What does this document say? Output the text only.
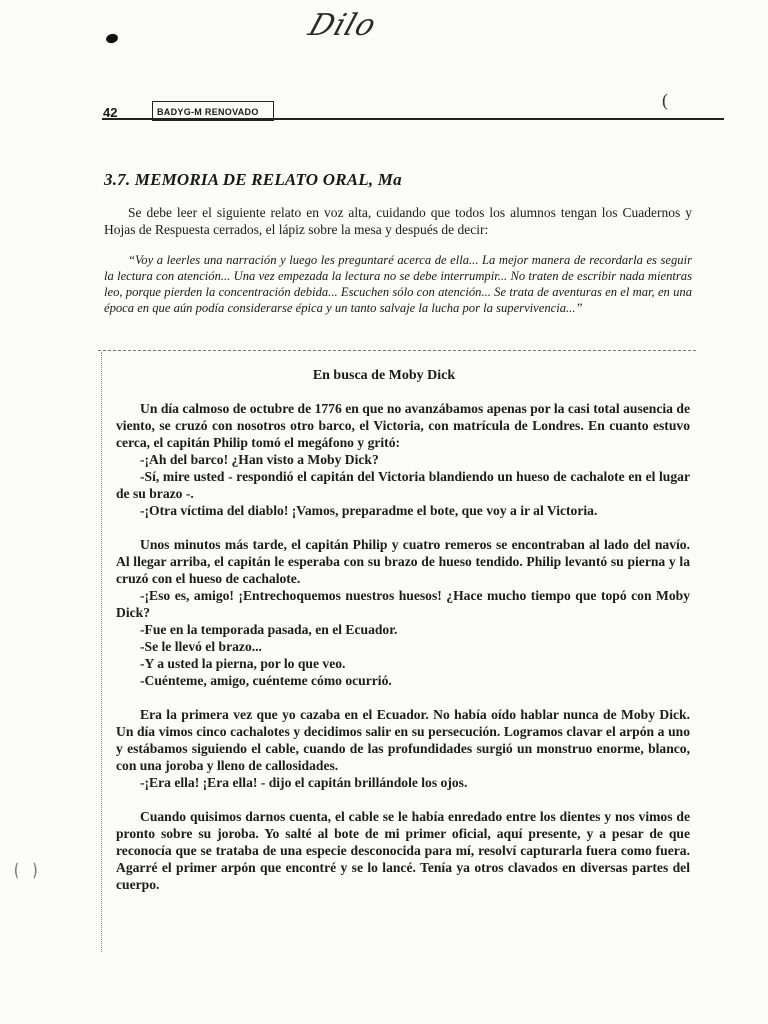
Dilo
(
42	BADYG-M RENOVADO
3.7. MEMORIA DE RELATO ORAL, Ma

Se debe leer el siguiente relato en voz alta, cuidando que todos los alumnos tengan los Cuadernos y Hojas de Respuesta cerrados, el lápiz sobre la mesa y después de decir:

“Voy a leerles una narración y luego les preguntaré acerca de ella... La mejor manera de recordarla es seguir la lectura con atención... Una vez empezada la lectura no se debe interrumpir... No traten de escribir nada mientras leo, porque pierden la concentración debida... Escuchen sólo con atención... Se trata de aventuras en el mar, en una época en que aún podía considerarse épica y un tanto salvaje la lucha por la supervivencia...”

En busca de Moby Dick

Un día calmoso de octubre de 1776 en que no avanzábamos apenas por la casi total ausencia de viento, se cruzó con nosotros otro barco, el Victoria, con matrícula de Londres. En cuanto estuvo cerca, el capitán Philip tomó el megáfono y gritó:

-¡Ah del barco! ¿Han visto a Moby Dick?

-Sí, mire usted - respondió el capitán del Victoria blandiendo un hueso de cachalote en el lugar de su brazo -.

-¡Otra víctima del diablo! ¡Vamos, preparadme el bote, que voy a ir al Victoria.

Unos minutos más tarde, el capitán Philip y cuatro remeros se encontraban al lado del navío. Al llegar arriba, el capitán le esperaba con su brazo de hueso tendido. Philip levantó su pierna y la cruzó con el hueso de cachalote.

-¡Eso es, amigo! ¡Entrechoquemos nuestros huesos! ¿Hace mucho tiempo que topó con Moby Dick?

-Fue en la temporada pasada, en el Ecuador.

-Se le llevó el brazo...

-Y a usted la pierna, por lo que veo.

-Cuénteme, amigo, cuénteme cómo ocurrió.

Era la primera vez que yo cazaba en el Ecuador. No había oído hablar nunca de Moby Dick. Un día vimos cinco cachalotes y decidimos salir en su persecución. Logramos clavar el arpón a uno y estábamos siguiendo el cable, cuando de las profundidades surgió un monstruo enorme, blanco, con una joroba y lleno de callosidades.

-¡Era ella! ¡Era ella! - dijo el capitán brillándole los ojos.

Cuando quisimos darnos cuenta, el cable se le había enredado entre los dientes y nos vimos de pronto sobre su joroba. Yo salté al bote de mi primer oficial, aquí presente, y a pesar de que reconocía que se trataba de una especie desconocida para mí, resolví capturarla fuera como fuera. Agarré el primer arpón que encontré y se lo lancé. Tenía ya otros clavados en diversas partes del cuerpo.

⁐
